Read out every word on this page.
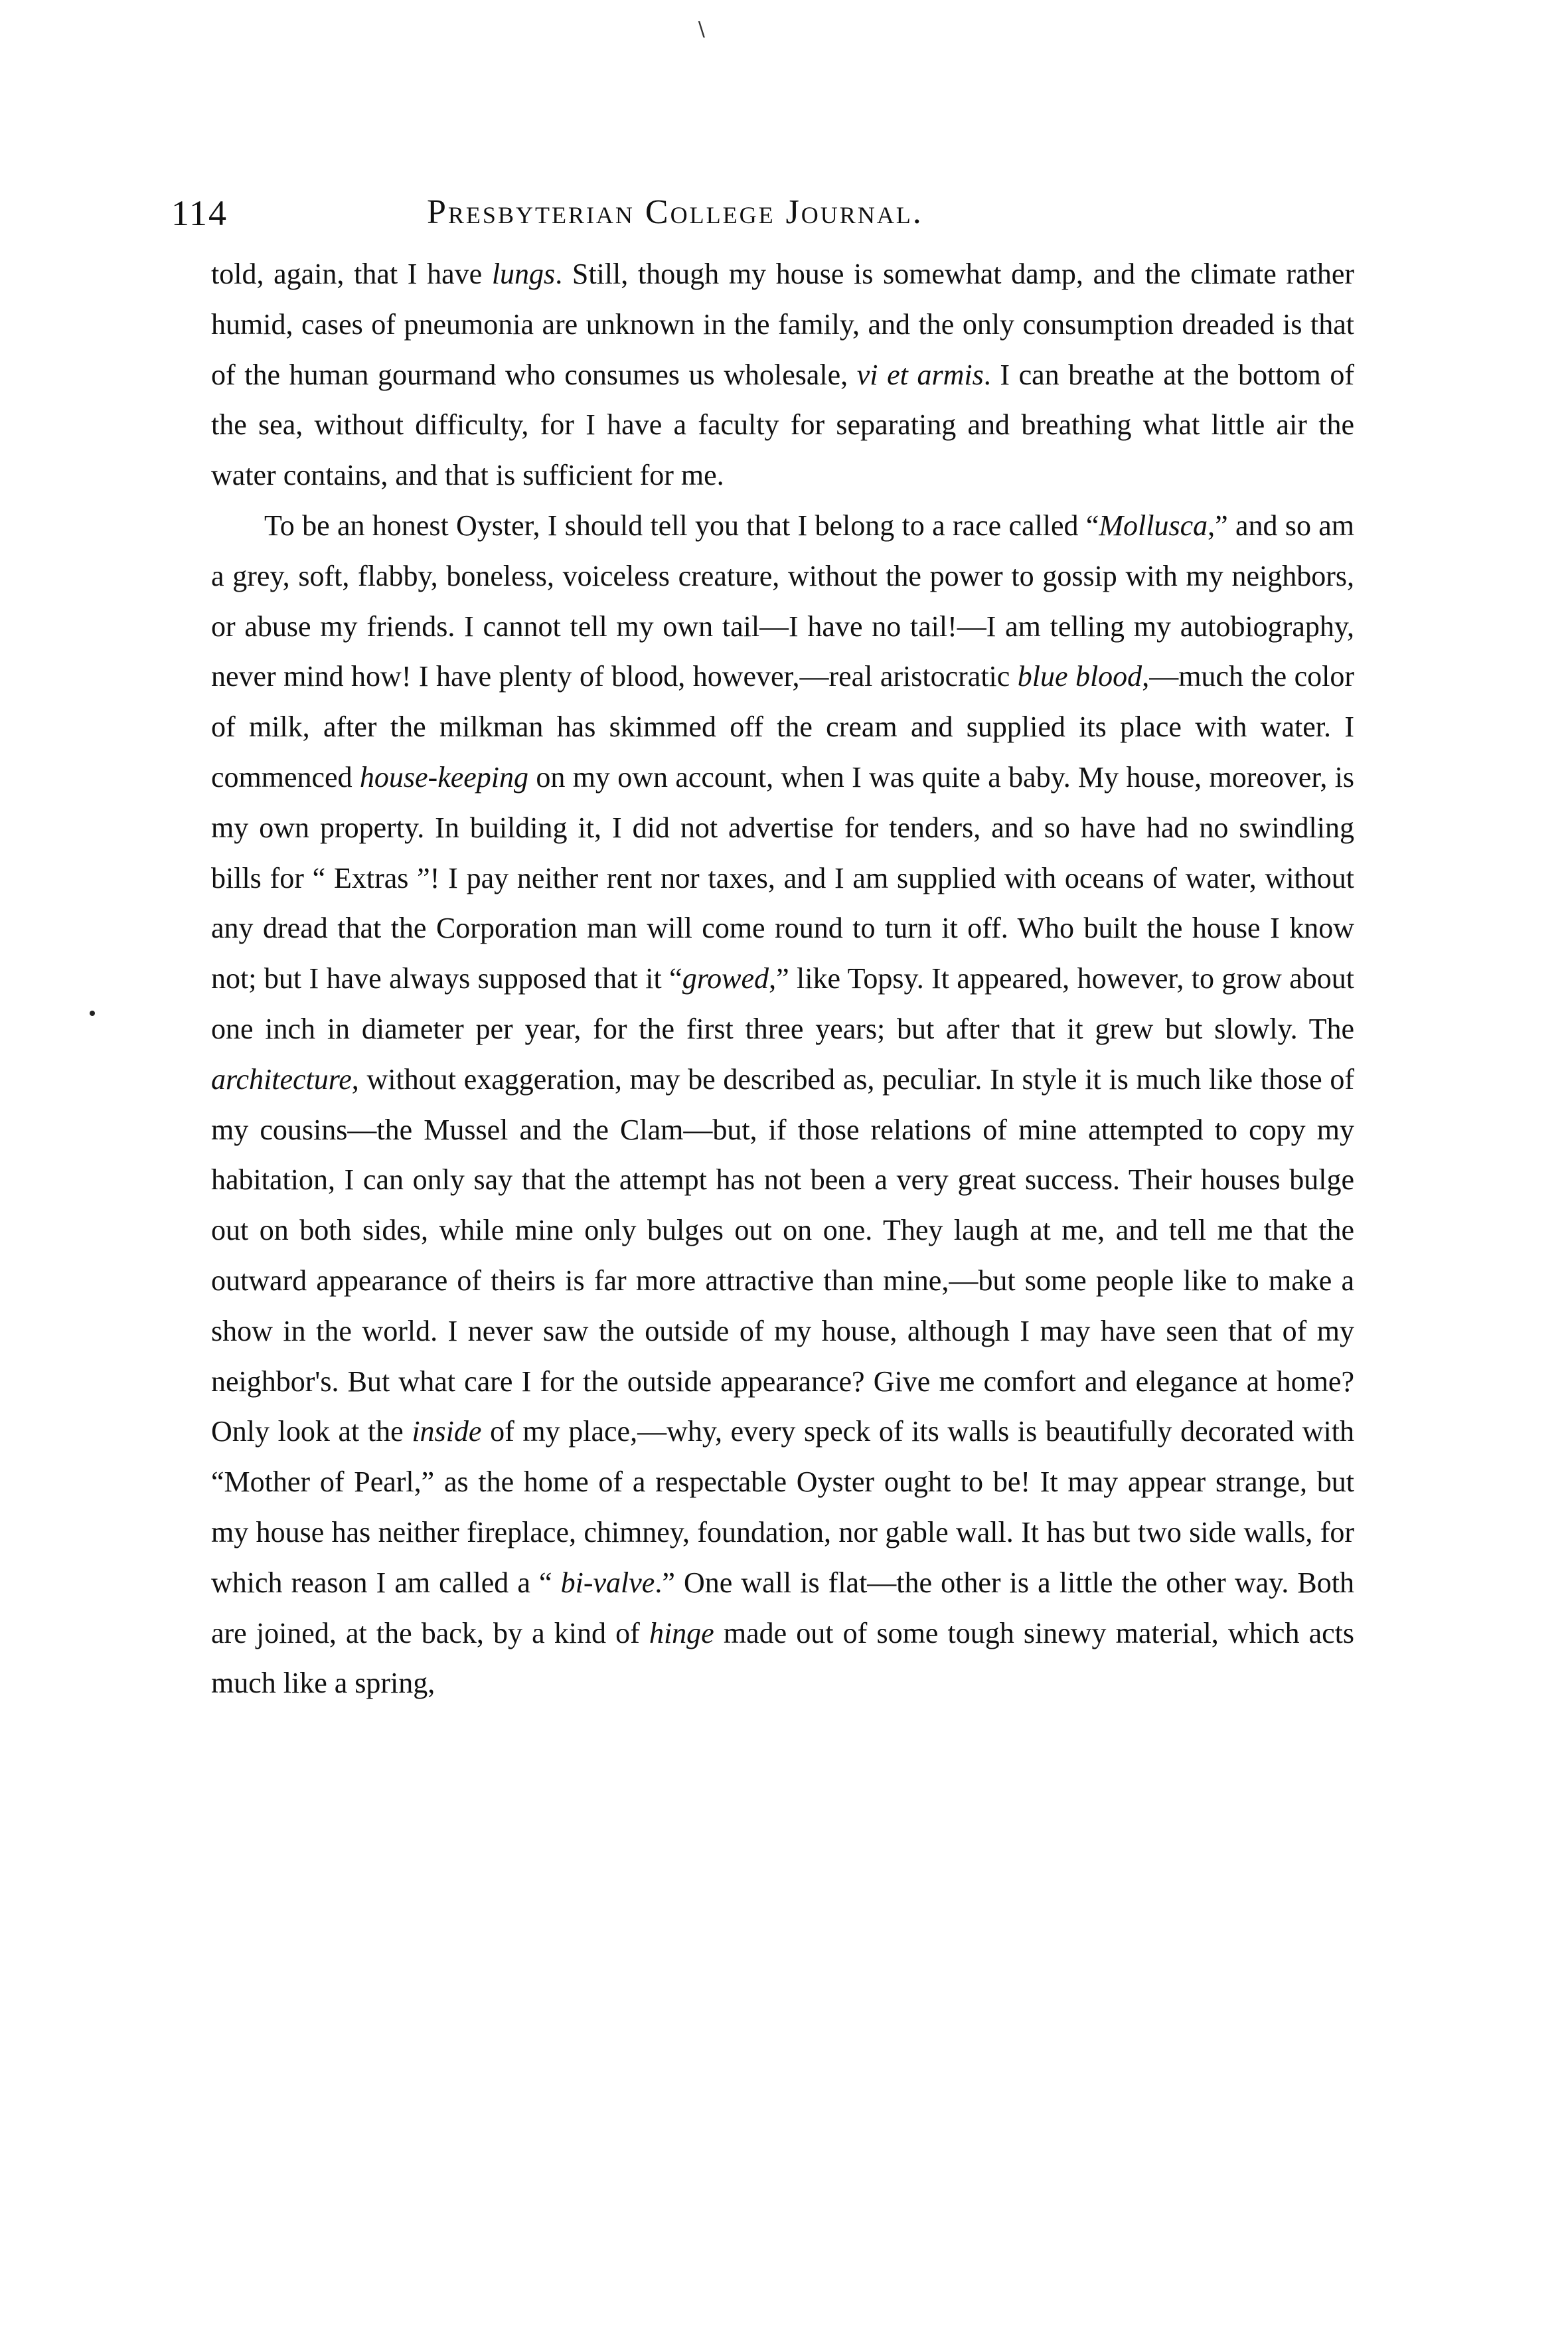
∖
114	Presbyterian College Journal.

told, again, that I have lungs. Still, though my house is somewhat damp, and the climate rather humid, cases of pneumonia are unknown in the family, and the only consumption dreaded is that of the human gourmand who consumes us wholesale, vi et armis. I can breathe at the bottom of the sea, without difficulty, for I have a faculty for separating and breathing what little air the water contains, and that is sufficient for me.

To be an honest Oyster, I should tell you that I belong to a race called “Mollusca,” and so am a grey, soft, flabby, boneless, voiceless creature, without the power to gossip with my neighbors, or abuse my friends. I cannot tell my own tail—I have no tail!—I am telling my autobiography, never mind how! I have plenty of blood, however,—real aristocratic blue blood,—much the color of milk, after the milkman has skimmed off the cream and supplied its place with water. I commenced house-keeping on my own account, when I was quite a baby. My house, moreover, is my own property. In building it, I did not advertise for tenders, and so have had no swindling bills for “ Extras ”! I pay neither rent nor taxes, and I am supplied with oceans of water, without any dread that the Corporation man will come round to turn it off. Who built the house I know not; but I have always supposed that it “growed,” like Topsy. It appeared, however, to grow about one inch in diameter per year, for the first three years; but after that it grew but slowly. The architecture, without exaggeration, may be described as, peculiar. In style it is much like those of my cousins—the Mussel and the Clam—but, if those relations of mine attempted to copy my habitation, I can only say that the attempt has not been a very great success. Their houses bulge out on both sides, while mine only bulges out on one. They laugh at me, and tell me that the outward appearance of theirs is far more attractive than mine,—but some people like to make a show in the world. I never saw the outside of my house, although I may have seen that of my neighbor's. But what care I for the outside appearance? Give me comfort and elegance at home? Only look at the inside of my place,—why, every speck of its walls is beautifully decorated with “Mother of Pearl,” as the home of a respectable Oyster ought to be! It may appear strange, but my house has neither fireplace, chimney, foundation, nor gable wall. It has but two side walls, for which reason I am called a “ bi-valve.” One wall is flat—the other is a little the other way. Both are joined, at the back, by a kind of hinge made out of some tough sinewy material, which acts much like a spring,
